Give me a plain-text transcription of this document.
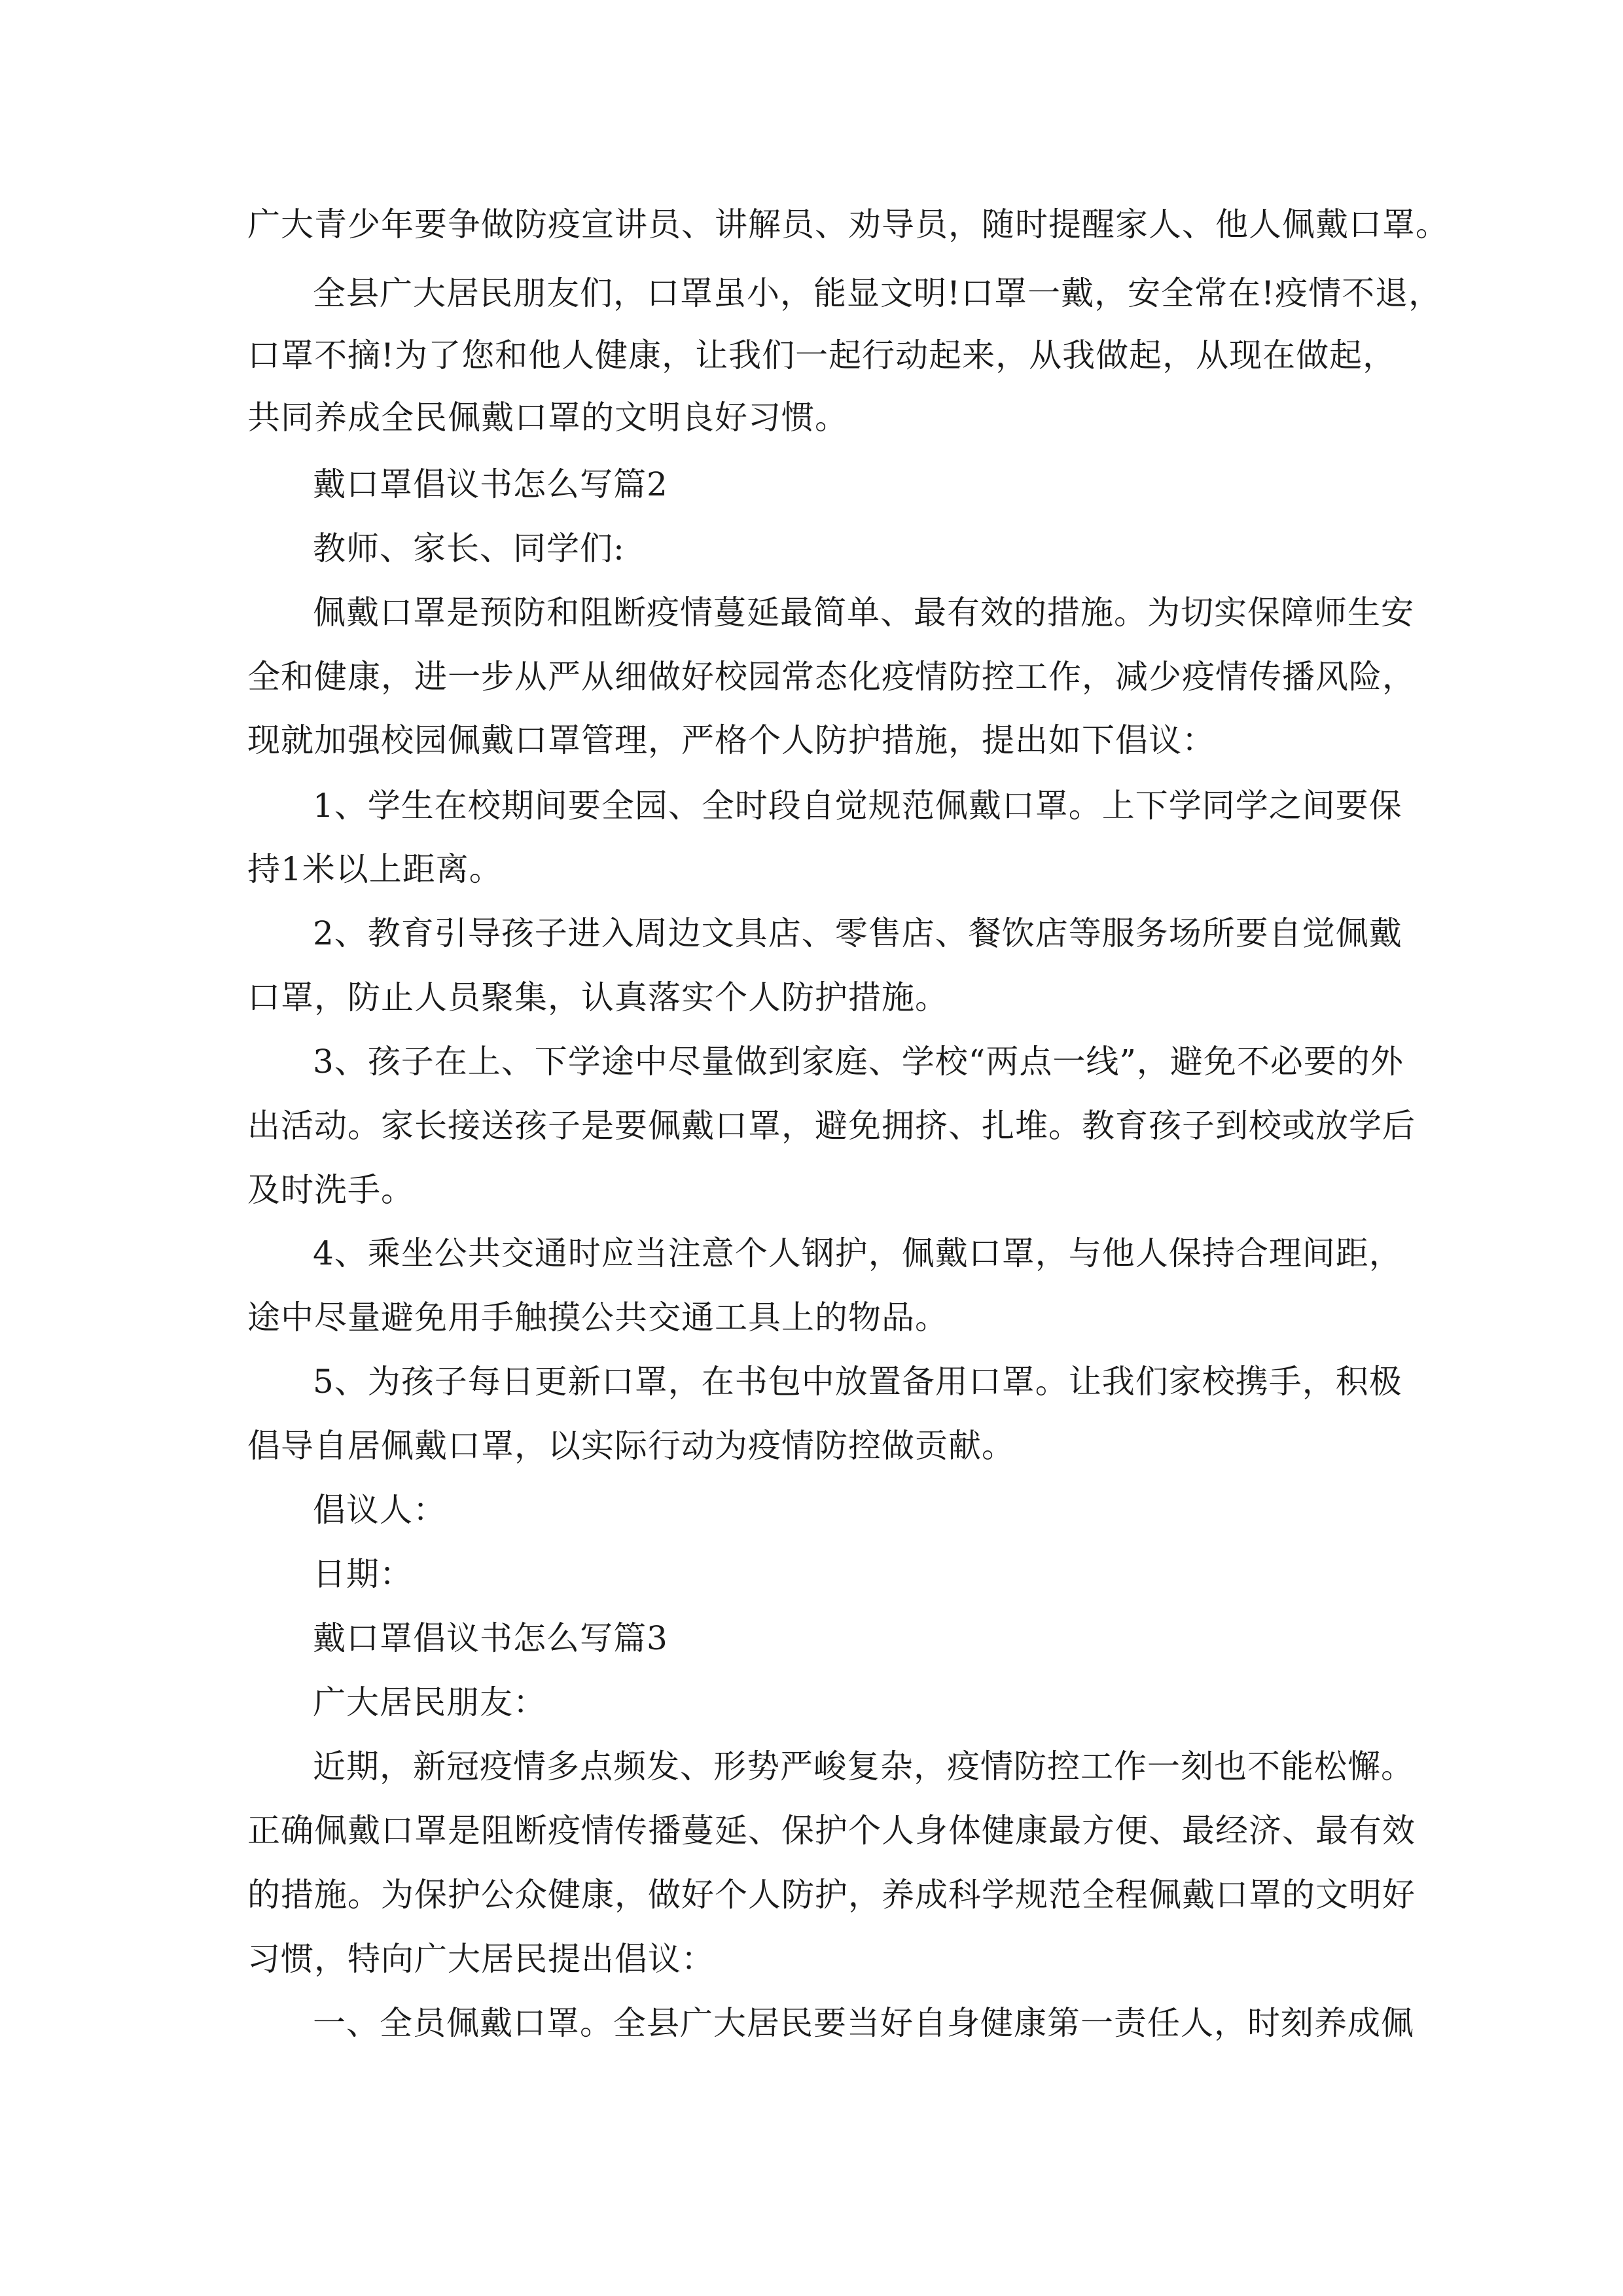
广大青少年要争做防疫宣讲员、讲解员、劝导员，随时提醒家人、他人佩戴口罩。
全县广大居民朋友们，口罩虽小，能显文明!口罩一戴，安全常在!疫情不退，
口罩不摘!为了您和他人健康，让我们一起行动起来，从我做起，从现在做起，
共同养成全民佩戴口罩的文明良好习惯。
戴口罩倡议书怎么写篇2
教师、家长、同学们:
佩戴口罩是预防和阻断疫情蔓延最简单、最有效的措施。为切实保障师生安
全和健康，进一步从严从细做好校园常态化疫情防控工作，减少疫情传播风险，
现就加强校园佩戴口罩管理，严格个人防护措施，提出如下倡议：
1、学生在校期间要全园、全时段自觉规范佩戴口罩。上下学同学之间要保
持1米以上距离。
2、教育引导孩子进入周边文具店、零售店、餐饮店等服务场所要自觉佩戴
口罩，防止人员聚集，认真落实个人防护措施。
3、孩子在上、下学途中尽量做到家庭、学校“两点一线”，避免不必要的外
出活动。家长接送孩子是要佩戴口罩，避免拥挤、扎堆。教育孩子到校或放学后
及时洗手。
4、乘坐公共交通时应当注意个人钢护，佩戴口罩，与他人保持合理间距，
途中尽量避免用手触摸公共交通工具上的物品。
5、为孩子每日更新口罩，在书包中放置备用口罩。让我们家校携手，积极
倡导自居佩戴口罩，以实际行动为疫情防控做贡献。
倡议人：
日期：
戴口罩倡议书怎么写篇3
广大居民朋友：
近期，新冠疫情多点频发、形势严峻复杂，疫情防控工作一刻也不能松懈。
正确佩戴口罩是阻断疫情传播蔓延、保护个人身体健康最方便、最经济、最有效
的措施。为保护公众健康，做好个人防护，养成科学规范全程佩戴口罩的文明好
习惯，特向广大居民提出倡议：
一、全员佩戴口罩。全县广大居民要当好自身健康第一责任人，时刻养成佩
